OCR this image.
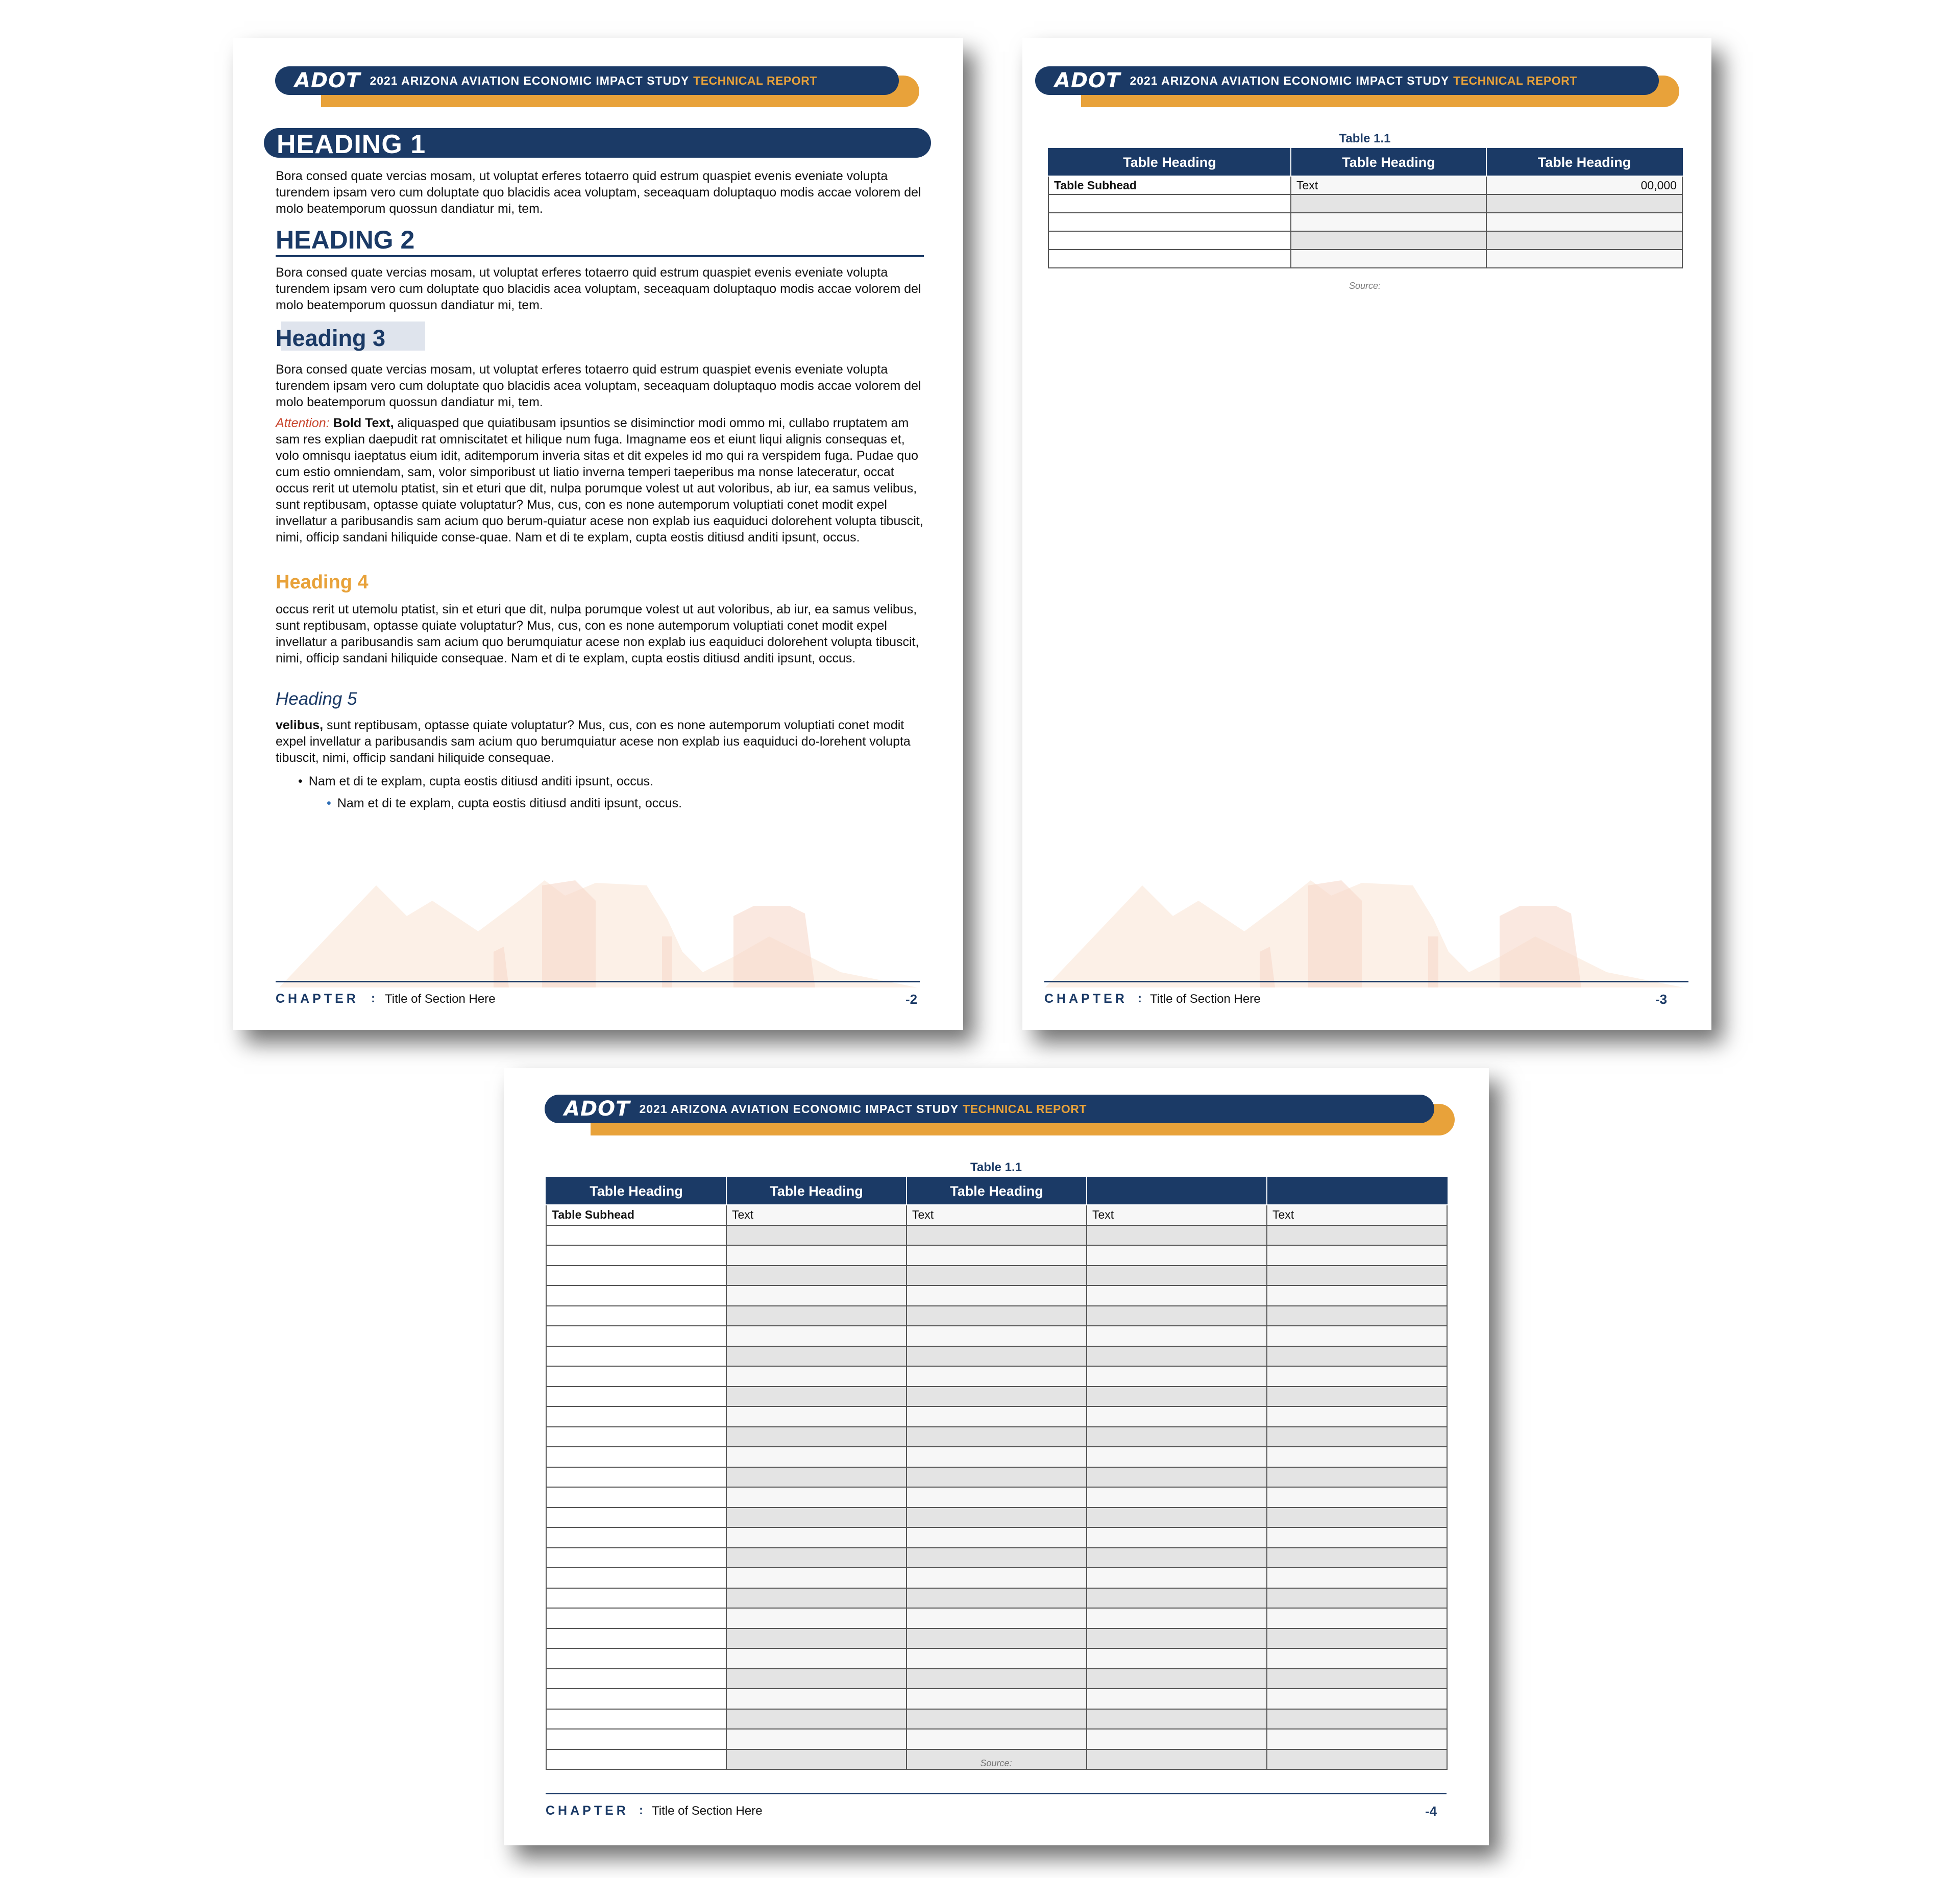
ADOT 2021 ARIZONA AVIATION ECONOMIC IMPACT STUDY TECHNICAL REPORT
HEADING 1
Bora consed quate vercias mosam, ut voluptat erferes totaerro quid estrum quaspiet evenis eveniate volupta turendem ipsam vero cum doluptate quo blacidis acea voluptam, seceaquam doluptaquo modis accae volorem del molo beatemporum quossun dandiatur mi, tem.
HEADING 2
Bora consed quate vercias mosam, ut voluptat erferes totaerro quid estrum quaspiet evenis eveniate volupta turendem ipsam vero cum doluptate quo blacidis acea voluptam, seceaquam doluptaquo modis accae volorem del molo beatemporum quossun dandiatur mi, tem.
Heading 3
Bora consed quate vercias mosam, ut voluptat erferes totaerro quid estrum quaspiet evenis eveniate volupta turendem ipsam vero cum doluptate quo blacidis acea voluptam, seceaquam doluptaquo modis accae volorem del molo beatemporum quossun dandiatur mi, tem.
Attention: Bold Text, aliquasped que quiatibusam ipsuntios se disiminctior modi ommo mi, cullabo rruptatem am sam res explian daepudit rat omniscitatet et hilique num fuga. Imagname eos et eiunt liqui alignis consequas et, volo omnisqu iaeptatus eium idit, aditemporum inveria sitas et dit expeles id mo qui ra verspidem fuga. Pudae quo cum estio omniendam, sam, volor simporibust ut liatio inverna temperi taeperibus ma nonse lateceratur, occat occus rerit ut utemolu ptatist, sin et eturi que dit, nulpa porumque volest ut aut voloribus, ab iur, ea samus velibus, sunt reptibusam, optasse quiate voluptatur? Mus, cus, con es none autemporum voluptiati conet modit expel invellatur a paribusandis sam acium quo berum-quiatur acese non explab ius eaquiduci dolorehent volupta tibuscit, nimi, officip sandani hiliquide conse-quae. Nam et di te explam, cupta eostis ditiusd anditi ipsunt, occus.
Heading 4
occus rerit ut utemolu ptatist, sin et eturi que dit, nulpa porumque volest ut aut voloribus, ab iur, ea samus velibus, sunt reptibusam, optasse quiate voluptatur? Mus, cus, con es none autemporum voluptiati conet modit expel invellatur a paribusandis sam acium quo berumquiatur acese non explab ius eaquiduci dolorehent volupta tibuscit, nimi, officip sandani hiliquide consequae. Nam et di te explam, cupta eostis ditiusd anditi ipsunt, occus.
Heading 5
velibus, sunt reptibusam, optasse quiate voluptatur? Mus, cus, con es none autemporum voluptiati conet modit expel invellatur a paribusandis sam acium quo berumquiatur acese non explab ius eaquiduci do-lorehent volupta tibuscit, nimi, officip sandani hiliquide consequae.
• Nam et di te explam, cupta eostis ditiusd anditi ipsunt, occus.
• Nam et di te explam, cupta eostis ditiusd anditi ipsunt, occus.
CHAPTER : Title of Section Here	-2
ADOT 2021 ARIZONA AVIATION ECONOMIC IMPACT STUDY TECHNICAL REPORT
Table 1.1
Table Heading	Table Heading	Table Heading
Table Subhead	Text	00,000

Source:
CHAPTER : Title of Section Here	-3
ADOT 2021 ARIZONA AVIATION ECONOMIC IMPACT STUDY TECHNICAL REPORT
Table 1.1
Table Heading	Table Heading	Table Heading		
Table Subhead	Text	Text	Text	Text

Source:
CHAPTER : Title of Section Here	-4
